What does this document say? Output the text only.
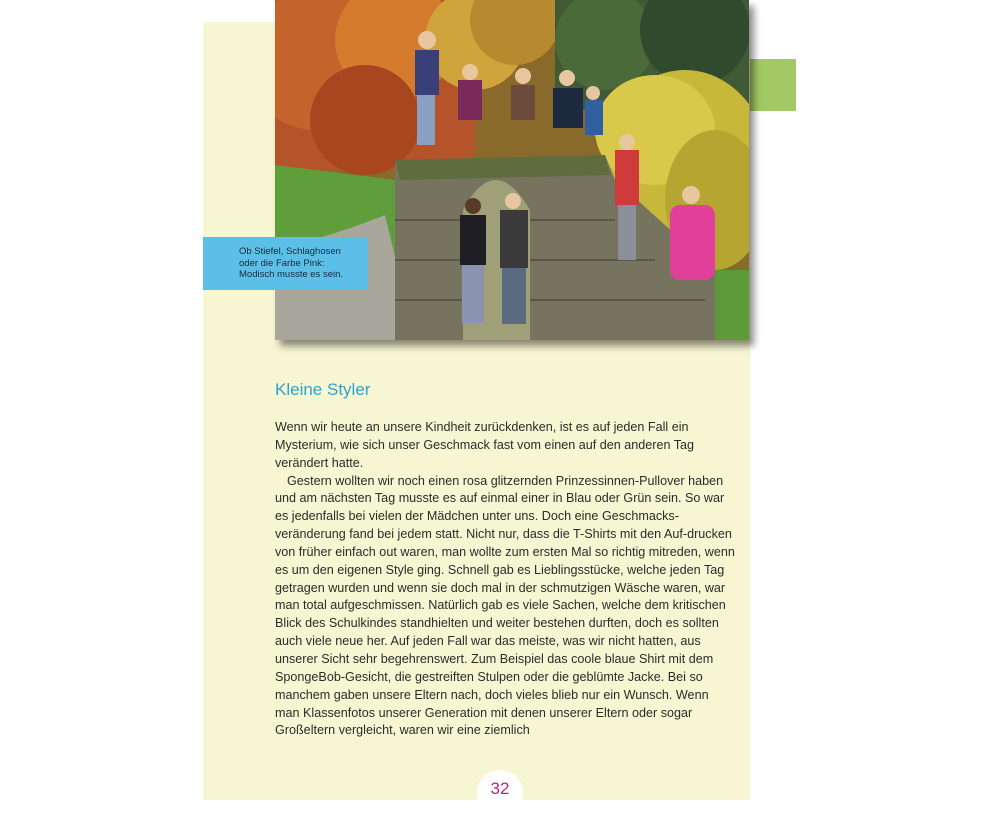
Ob Stiefel, Schlaghosen
oder die Farbe Pink:
Modisch musste es sein.
Kleine Styler

Wenn wir heute an unsere Kindheit zurückdenken, ist es auf jeden Fall ein Mysterium, wie sich unser Geschmack fast vom einen auf den anderen Tag verändert hatte.

Gestern wollten wir noch einen rosa glitzernden Prinzessinnen-Pullover haben und am nächsten Tag musste es auf einmal einer in Blau oder Grün sein. So war es jedenfalls bei vielen der Mädchen unter uns. Doch eine Geschmacks-veränderung fand bei jedem statt. Nicht nur, dass die T-Shirts mit den Auf-drucken von früher einfach out waren, man wollte zum ersten Mal so richtig mitreden, wenn es um den eigenen Style ging. Schnell gab es Lieblingsstücke, welche jeden Tag getragen wurden und wenn sie doch mal in der schmutzigen Wäsche waren, war man total aufgeschmissen. Natürlich gab es viele Sachen, welche dem kritischen Blick des Schulkindes standhielten und weiter bestehen durften, doch es sollten auch viele neue her. Auf jeden Fall war das meiste, was wir nicht hatten, aus unserer Sicht sehr begehrenswert. Zum Beispiel das coole blaue Shirt mit dem SpongeBob-Gesicht, die gestreiften Stulpen oder die geblümte Jacke. Bei so manchem gaben unsere Eltern nach, doch vieles blieb nur ein Wunsch. Wenn man Klassenfotos unserer Generation mit denen unserer Eltern oder sogar Großeltern vergleicht, waren wir eine ziemlich

32
